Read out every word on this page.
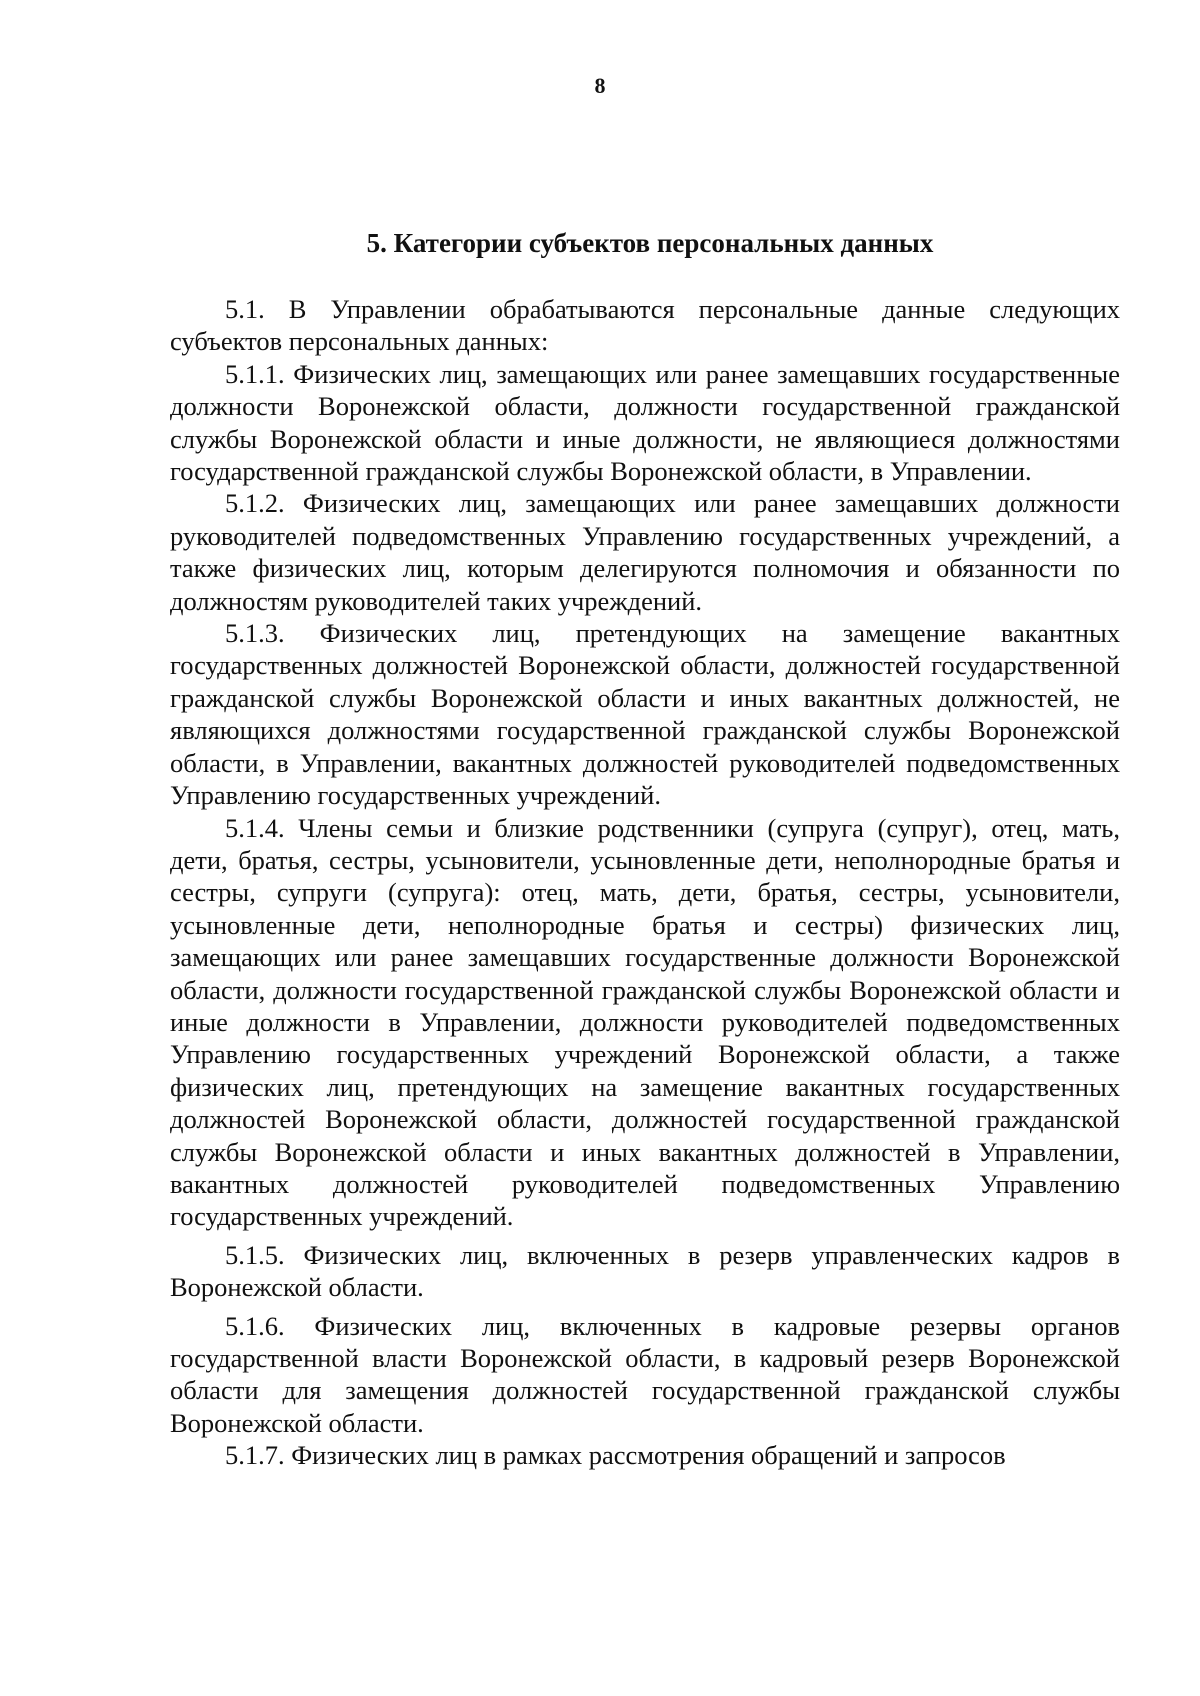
8
5. Категории субъектов персональных данных

5.1. В Управлении обрабатываются персональные данные следующих субъектов персональных данных:

5.1.1. Физических лиц, замещающих или ранее замещавших государственные должности Воронежской области, должности государственной гражданской службы Воронежской области и иные должности, не являющиеся должностями государственной гражданской службы Воронежской области, в Управлении.

5.1.2. Физических лиц, замещающих или ранее замещавших должности руководителей подведомственных Управлению государственных учреждений, а также физических лиц, которым делегируются полномочия и обязанности по должностям руководителей таких учреждений.

5.1.3. Физических лиц, претендующих на замещение вакантных государственных должностей Воронежской области, должностей государственной гражданской службы Воронежской области и иных вакантных должностей, не являющихся должностями государственной гражданской службы Воронежской области, в Управлении, вакантных должностей руководителей подведомственных Управлению государственных учреждений.

5.1.4. Члены семьи и близкие родственники (супруга (супруг), отец, мать, дети, братья, сестры, усыновители, усыновленные дети, неполнородные братья и сестры, супруги (супруга): отец, мать, дети, братья, сестры, усыновители, усыновленные дети, неполнородные братья и сестры) физических лиц, замещающих или ранее замещавших государственные должности Воронежской области, должности государственной гражданской службы Воронежской области и иные должности в Управлении, должности руководителей подведомственных Управлению государственных учреждений Воронежской области, а также физических лиц, претендующих на замещение вакантных государственных должностей Воронежской области, должностей государственной гражданской службы Воронежской области и иных вакантных должностей в Управлении, вакантных должностей руководителей подведомственных Управлению государственных учреждений.

5.1.5. Физических лиц, включенных в резерв управленческих кадров в Воронежской области.

5.1.6. Физических лиц, включенных в кадровые резервы органов государственной власти Воронежской области, в кадровый резерв Воронежской области для замещения должностей государственной гражданской службы Воронежской области.

5.1.7. Физических лиц в рамках рассмотрения обращений и запросов
